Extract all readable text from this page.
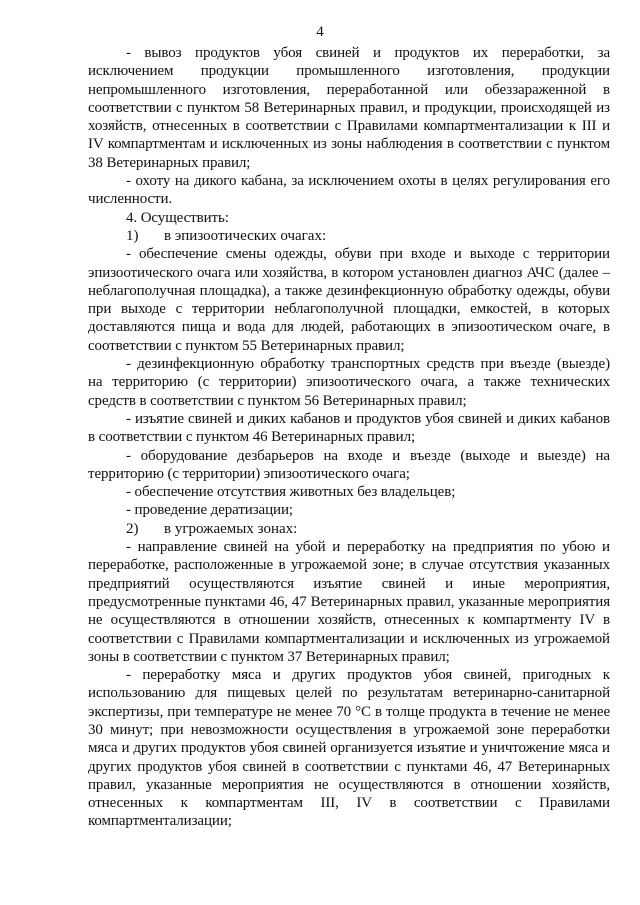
4

- вывоз продуктов убоя свиней и продуктов их переработки, за исключением продукции промышленного изготовления, продукции непромышленного изготовления, переработанной или обеззараженной в соответствии с пунктом 58 Ветеринарных правил, и продукции, происходящей из хозяйств, отнесенных в соответствии с Правилами компартментализации к III и IV компартментам и исключенных из зоны наблюдения в соответствии с пунктом 38 Ветеринарных правил;

- охоту на дикого кабана, за исключением охоты в целях регулирования его численности.

4. Осуществить:

1)	в эпизоотических очагах:

- обеспечение смены одежды, обуви при входе и выходе с территории эпизоотического очага или хозяйства, в котором установлен диагноз АЧС (далее – неблагополучная площадка), а также дезинфекционную обработку одежды, обуви при выходе с территории неблагополучной площадки, емкостей, в которых доставляются пища и вода для людей, работающих в эпизоотическом очаге, в соответствии с пунктом 55 Ветеринарных правил;

- дезинфекционную обработку транспортных средств при въезде (выезде) на территорию (с территории) эпизоотического очага, а также технических средств в соответствии с пунктом 56 Ветеринарных правил;

- изъятие свиней и диких кабанов и продуктов убоя свиней и диких кабанов в соответствии с пунктом 46 Ветеринарных правил;

- оборудование дезбарьеров на входе и въезде (выходе и выезде) на территорию (с территории) эпизоотического очага;

- обеспечение отсутствия животных без владельцев;

- проведение дератизации;

2)	в угрожаемых зонах:

- направление свиней на убой и переработку на предприятия по убою и переработке, расположенные в угрожаемой зоне; в случае отсутствия указанных предприятий осуществляются изъятие свиней и иные мероприятия, предусмотренные пунктами 46, 47 Ветеринарных правил, указанные мероприятия не осуществляются в отношении хозяйств, отнесенных к компартменту IV в соответствии с Правилами компартментализации и исключенных из угрожаемой зоны в соответствии с пунктом 37 Ветеринарных правил;

- переработку мяса и других продуктов убоя свиней, пригодных к использованию для пищевых целей по результатам ветеринарно-санитарной экспертизы, при температуре не менее 70 °С в толще продукта в течение не менее 30 минут; при невозможности осуществления в угрожаемой зоне переработки мяса и других продуктов убоя свиней организуется изъятие и уничтожение мяса и других продуктов убоя свиней в соответствии с пунктами 46, 47 Ветеринарных правил, указанные мероприятия не осуществляются в отношении хозяйств, отнесенных к компартментам III, IV в соответствии с Правилами компартментализации;
